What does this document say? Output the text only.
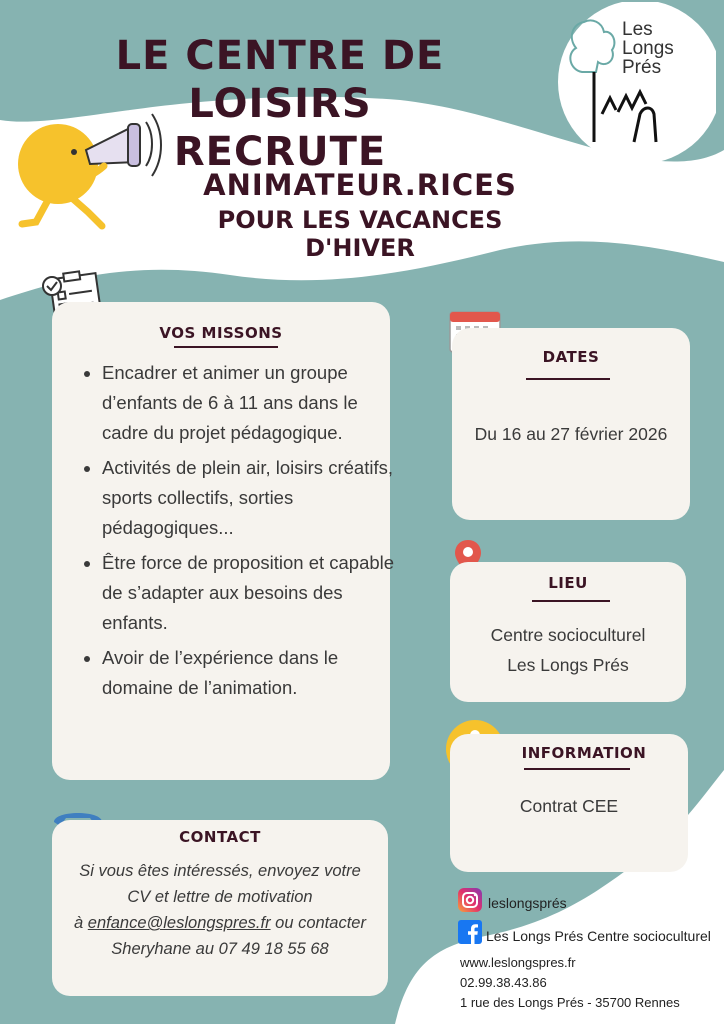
Les
Longs
Prés
LE CENTRE DE LOISIRS
RECRUTE
ANIMATEUR.RICES
POUR LES VACANCES D'HIVER
VOS MISSONS
• Encadrer et animer un groupe d’enfants de 6 à 11 ans dans le cadre du projet pédagogique.
• Activités de plein air, loisirs créatifs, sports collectifs, sorties pédagogiques...
• Être force de proposition et capable de s’adapter aux besoins des enfants.
• Avoir de l’expérience dans le domaine de l’animation.
DATES
Du 16 au 27 février 2026
LIEU
Centre socioculturel
Les Longs Prés
INFORMATION
Contrat CEE
CONTACT
Si vous êtes intéressés, envoyez votre
CV et lettre de motivation
à enfance@leslongspres.fr ou contacter
Sheryhane au 07 49 18 55 68
leslongsprés
Les Longs Prés Centre socioculturel
www.leslongspres.fr
02.99.38.43.86
1 rue des Longs Prés - 35700 Rennes
